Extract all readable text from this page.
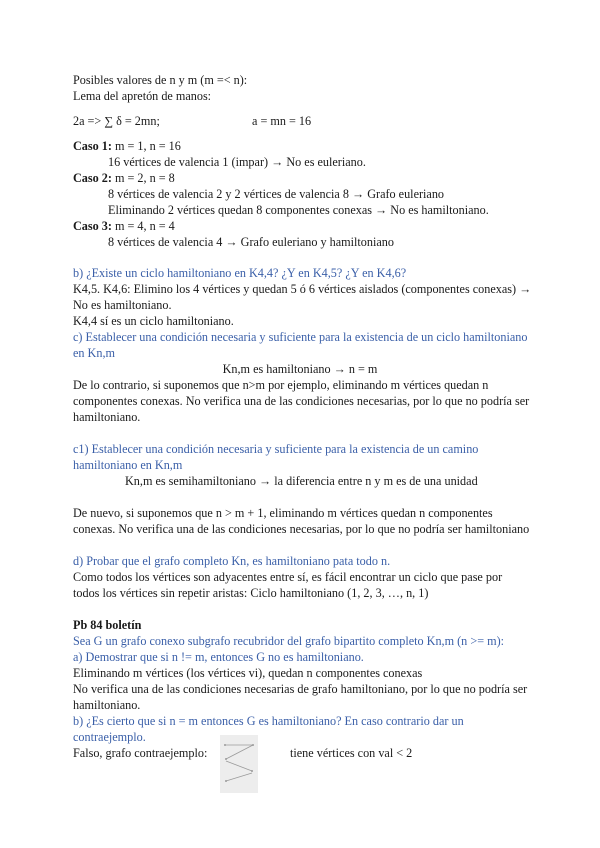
Posibles valores de n y m (m =< n):
Lema del apretón de manos:
2a => ∑ δ = 2mn;	a = mn = 16
Caso 1: m = 1, n = 16
16 vértices de valencia 1 (impar) → No es euleriano.
Caso 2: m = 2, n = 8
8 vértices de valencia 2 y 2 vértices de valencia 8 → Grafo euleriano
Eliminando 2 vértices quedan 8 componentes conexas → No es hamiltoniano.
Caso 3: m = 4, n = 4
8 vértices de valencia 4 → Grafo euleriano y hamiltoniano
b) ¿Existe un ciclo hamiltoniano en K4,4? ¿Y en K4,5? ¿Y en K4,6?
K4,5. K4,6: Elimino los 4 vértices y quedan 5 ó 6 vértices aislados (componentes conexas) →
No es hamiltoniano.
K4,4 sí es un ciclo hamiltoniano.
c) Establecer una condición necesaria y suficiente para la existencia de un ciclo hamiltoniano
en Kn,m
Kn,m es hamiltoniano → n = m
De lo contrario, si suponemos que n>m por ejemplo, eliminando m vértices quedan n
componentes conexas. No verifica una de las condiciones necesarias, por lo que no podría ser
hamiltoniano.
c1) Establecer una condición necesaria y suficiente para la existencia de un camino
hamiltoniano en Kn,m
Kn,m es semihamiltoniano → la diferencia entre n y m es de una unidad
De nuevo, si suponemos que n > m + 1, eliminando m vértices quedan n componentes
conexas. No verifica una de las condiciones necesarias, por lo que no podría ser hamiltoniano
d) Probar que el grafo completo Kn, es hamiltoniano pata todo n.
Como todos los vértices son adyacentes entre sí, es fácil encontrar un ciclo que pase por
todos los vértices sin repetir aristas: Ciclo hamiltoniano (1, 2, 3, …, n, 1)
Pb 84 boletín
Sea G un grafo conexo subgrafo recubridor del grafo bipartito completo Kn,m (n >= m):
a) Demostrar que si n != m, entonces G no es hamiltoniano.
Eliminando m vértices (los vértices vi), quedan n componentes conexas
No verifica una de las condiciones necesarias de grafo hamiltoniano, por lo que no podría ser
hamiltoniano.
b) ¿Es cierto que si n = m entonces G es hamiltoniano? En caso contrario dar un
contraejemplo.
Falso, grafo contraejemplo:	tiene vértices con val < 2
